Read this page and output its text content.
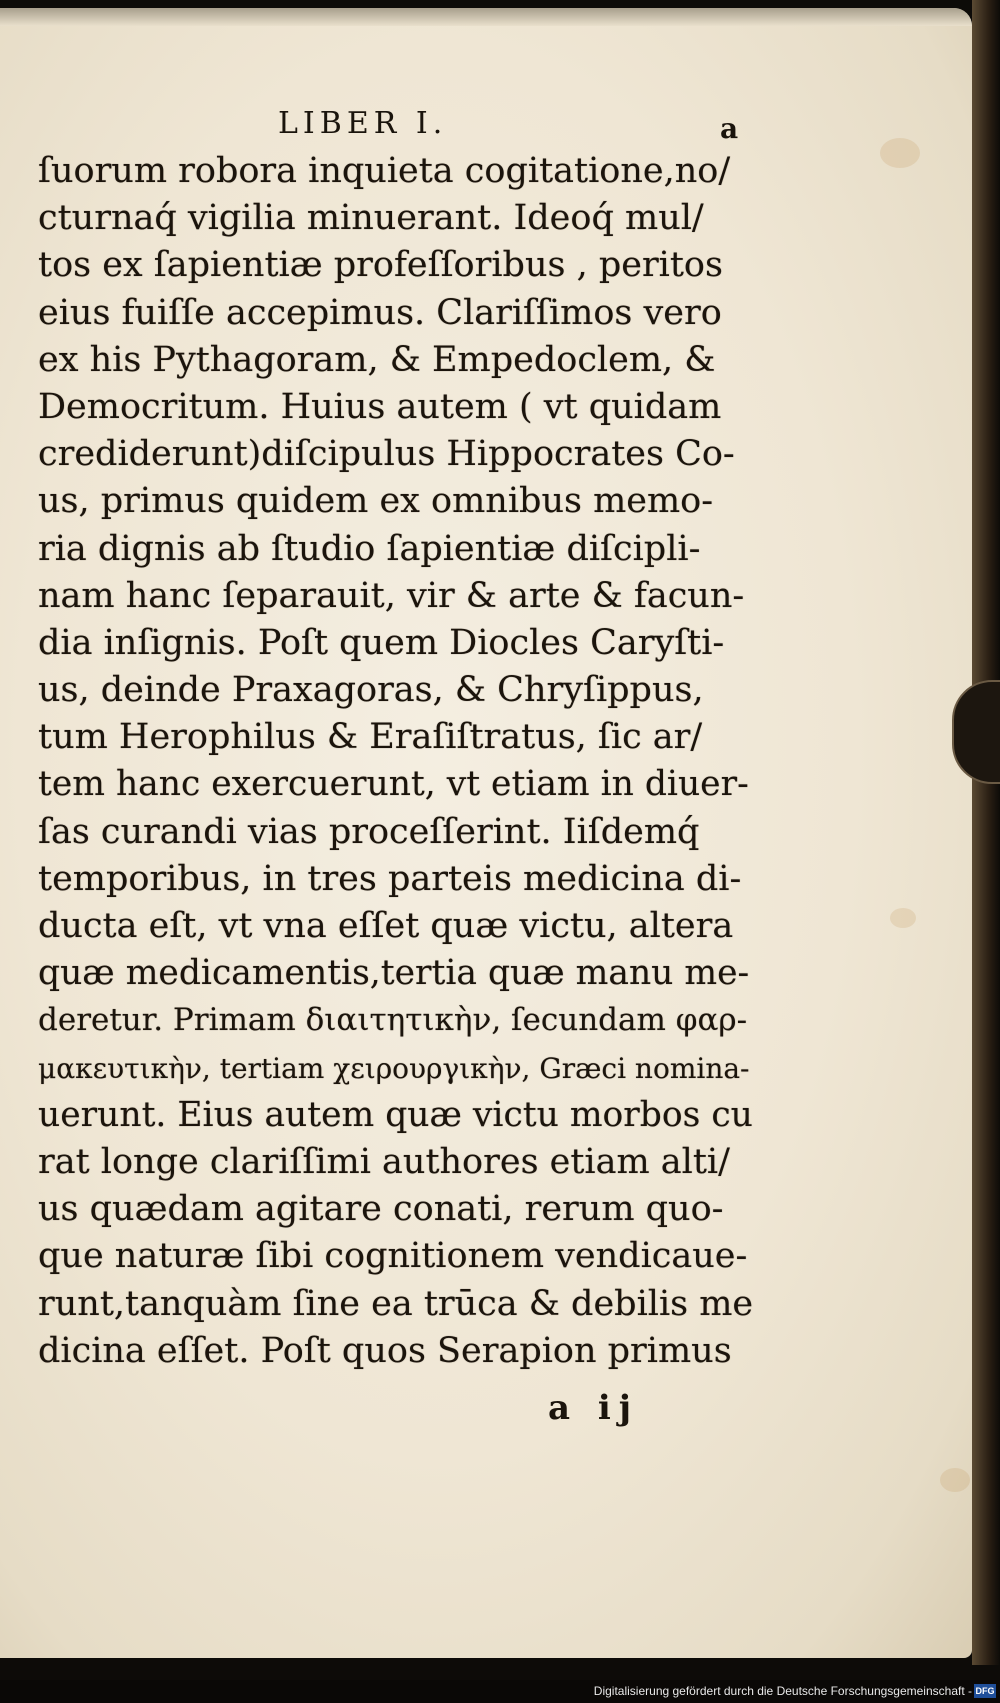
LIBER I.	a
ſuorum robora inquieta cogitatione,no/
cturnaq́ vigilia minuerant. Ideoq́ mul/
tos ex ſapientiæ profeſſoribus , peritos
eius fuiſſe accepimus. Clariſſimos vero
ex his Pythagoram, & Empedoclem, &
Democritum. Huius autem ( vt quidam
crediderunt)diſcipulus Hippocrates Co-
us, primus quidem ex omnibus memo-
ria dignis ab ſtudio ſapientiæ diſcipli-
nam hanc ſeparauit, vir & arte & facun-
dia inſignis. Poſt quem Diocles Caryſti-
us, deinde Praxagoras, & Chryſippus,
tum Herophilus & Eraſiſtratus, ſic ar/
tem hanc exercuerunt, vt etiam in diuer-
ſas curandi vias proceſſerint. Iiſdemq́
temporibus, in tres parteis medicina di-
ducta eſt, vt vna eſſet quæ victu, altera
quæ medicamentis,tertia quæ manu me-
deretur. Primam διαιτητικὴν, ſecundam φαρ-
μακευτικὴν, tertiam χειρουργικὴν, Græci nomina-
uerunt. Eius autem quæ victu morbos cu
rat longe clariſſimi authores etiam alti/
us quædam agitare conati, rerum quo-
que naturæ ſibi cognitionem vendicaue-
runt,tanquàm ſine ea trūca & debilis me
dicina eſſet. Poſt quos Serapion primus
a ij
Digitalisierung gefördert durch die Deutsche Forschungsgemeinschaft - DFG
